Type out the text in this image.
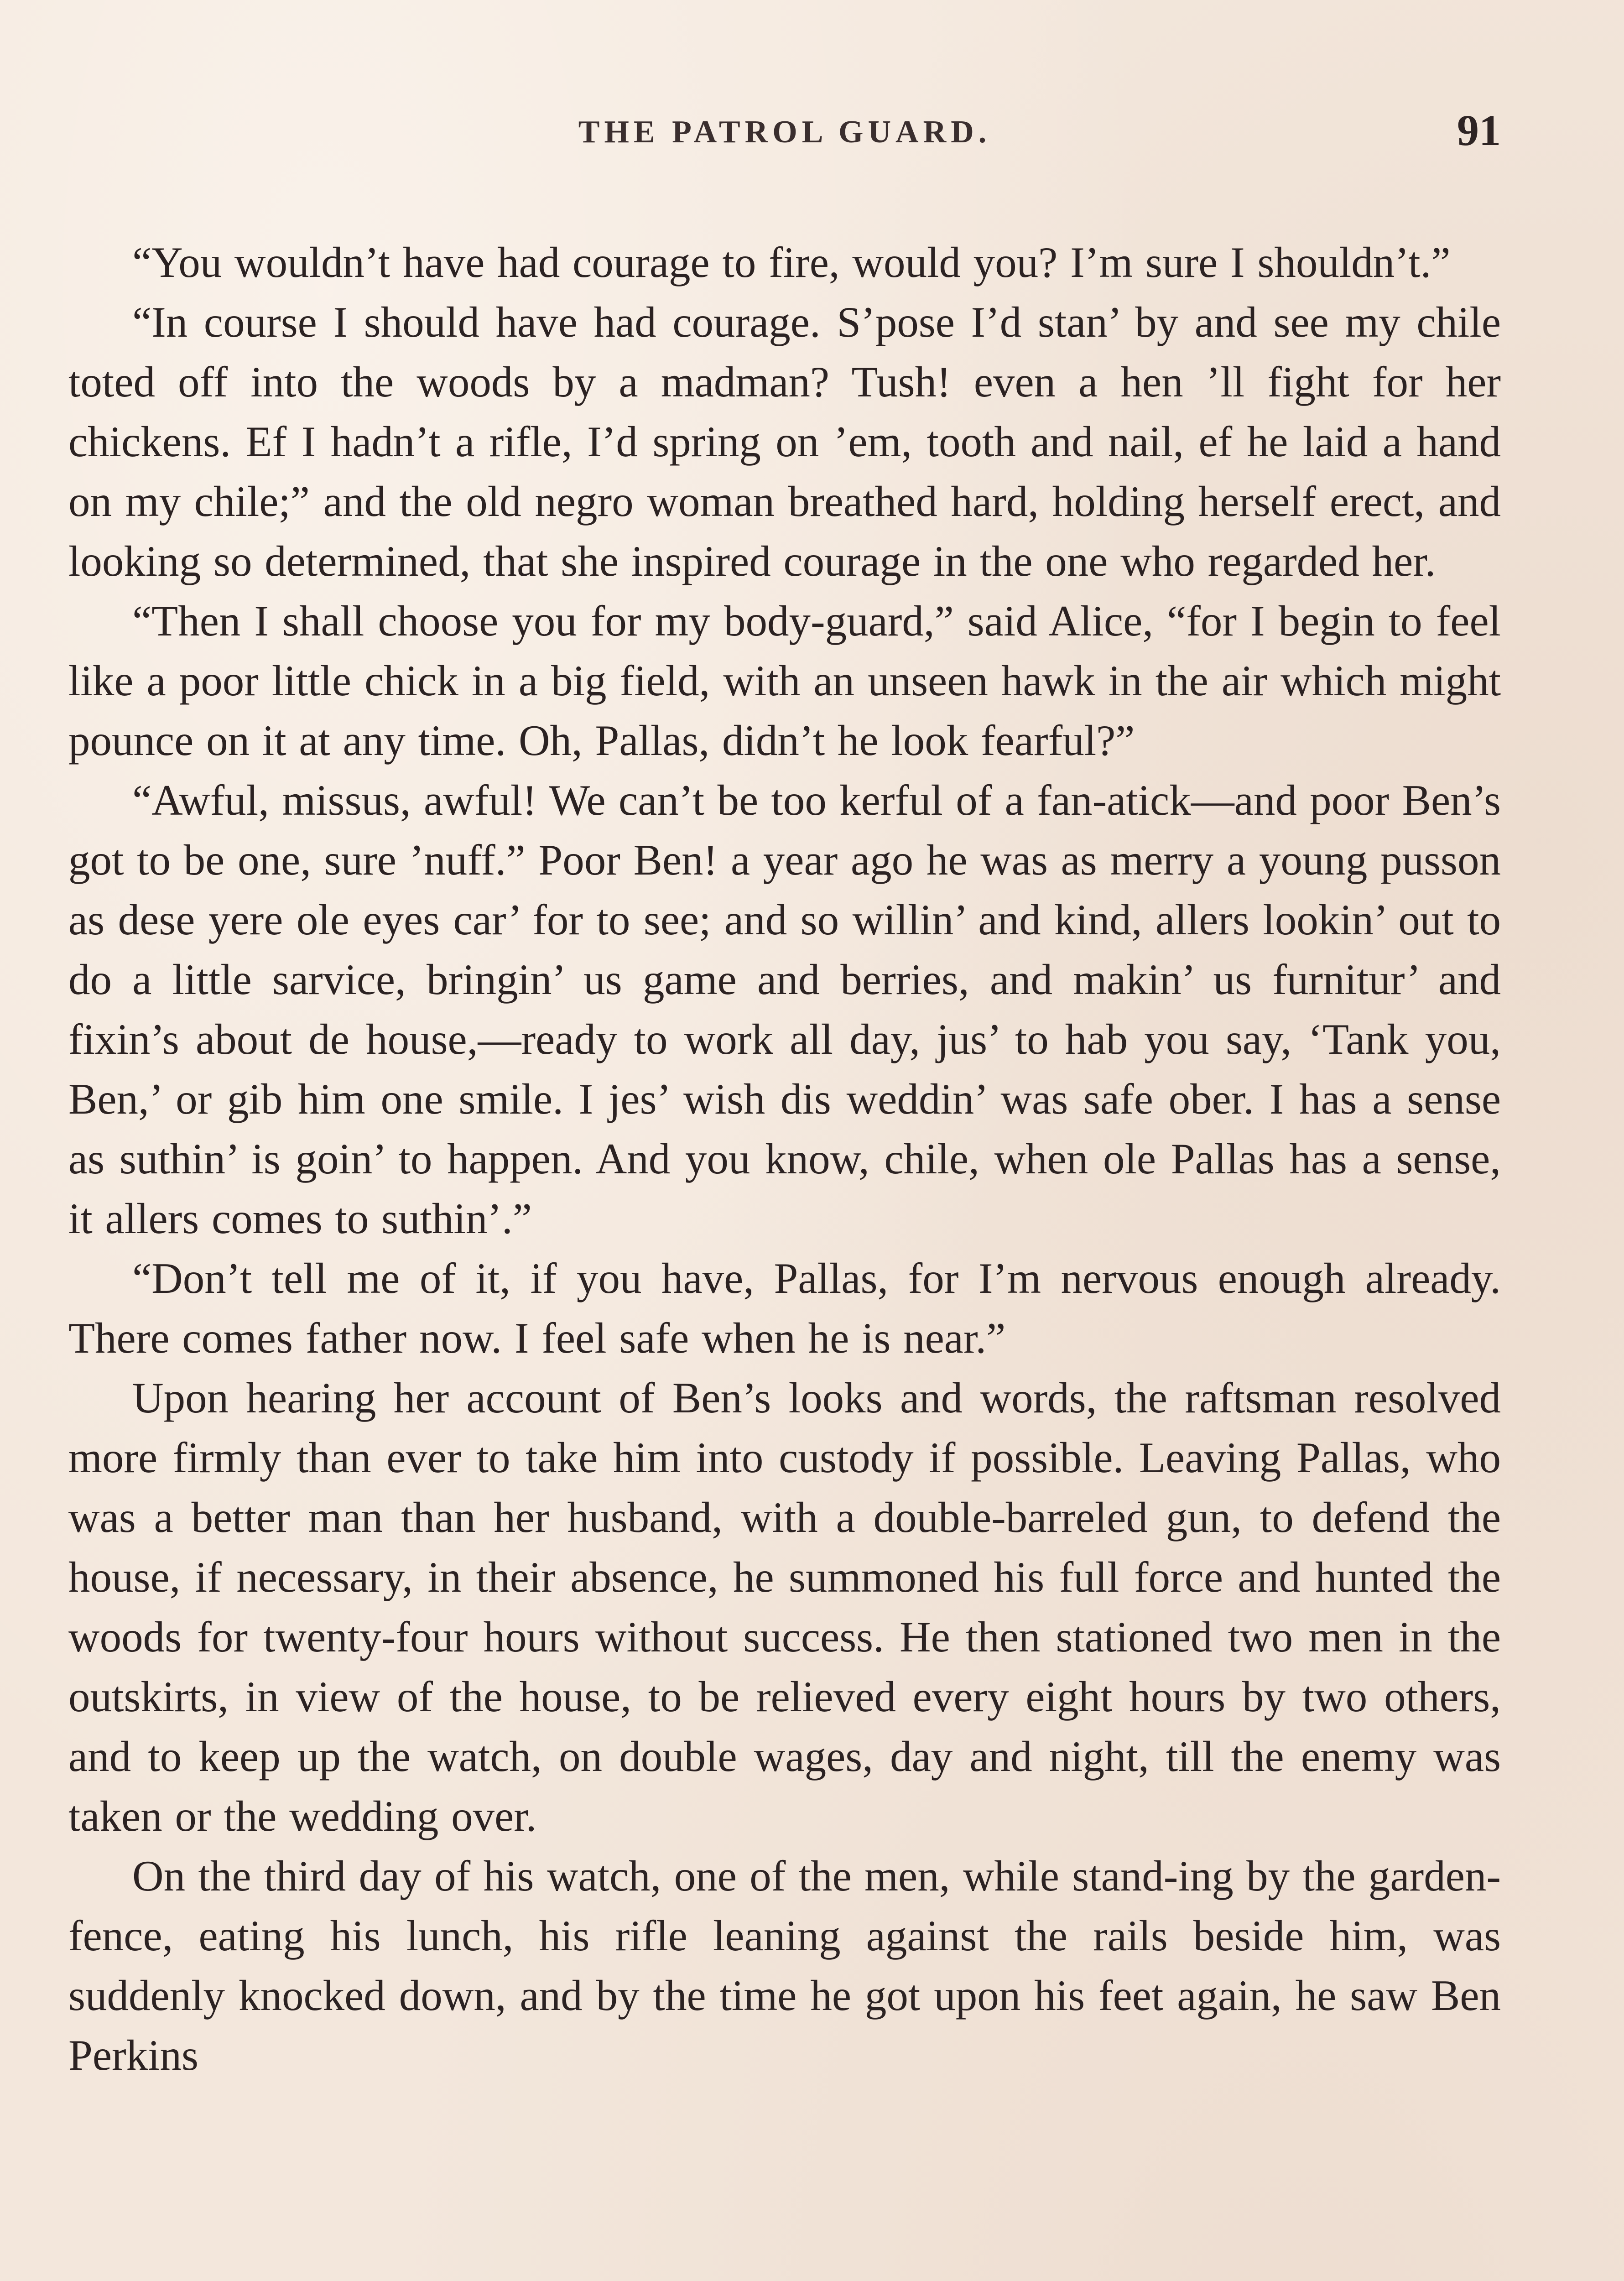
THE PATROL GUARD.	91

“You wouldn’t have had courage to fire, would you? I’m sure I shouldn’t.”

“In course I should have had courage. S’pose I’d stan’ by and see my chile toted off into the woods by a madman? Tush! even a hen ’ll fight for her chickens. Ef I hadn’t a rifle, I’d spring on ’em, tooth and nail, ef he laid a hand on my chile;” and the old negro woman breathed hard, holding herself erect, and looking so determined, that she inspired courage in the one who regarded her.

“Then I shall choose you for my body-guard,” said Alice, “for I begin to feel like a poor little chick in a big field, with an unseen hawk in the air which might pounce on it at any time. Oh, Pallas, didn’t he look fearful?”

“Awful, missus, awful! We can’t be too kerful of a fan-atick—and poor Ben’s got to be one, sure ’nuff.” Poor Ben! a year ago he was as merry a young pusson as dese yere ole eyes car’ for to see; and so willin’ and kind, allers lookin’ out to do a little sarvice, bringin’ us game and berries, and makin’ us furnitur’ and fixin’s about de house,—ready to work all day, jus’ to hab you say, ‘Tank you, Ben,’ or gib him one smile. I jes’ wish dis weddin’ was safe ober. I has a sense as suthin’ is goin’ to happen. And you know, chile, when ole Pallas has a sense, it allers comes to suthin’.”

“Don’t tell me of it, if you have, Pallas, for I’m nervous enough already. There comes father now. I feel safe when he is near.”

Upon hearing her account of Ben’s looks and words, the raftsman resolved more firmly than ever to take him into custody if possible. Leaving Pallas, who was a better man than her husband, with a double-barreled gun, to defend the house, if necessary, in their absence, he summoned his full force and hunted the woods for twenty-four hours without success. He then stationed two men in the outskirts, in view of the house, to be relieved every eight hours by two others, and to keep up the watch, on double wages, day and night, till the enemy was taken or the wedding over.

On the third day of his watch, one of the men, while stand-ing by the garden-fence, eating his lunch, his rifle leaning against the rails beside him, was suddenly knocked down, and by the time he got upon his feet again, he saw Ben Perkins
